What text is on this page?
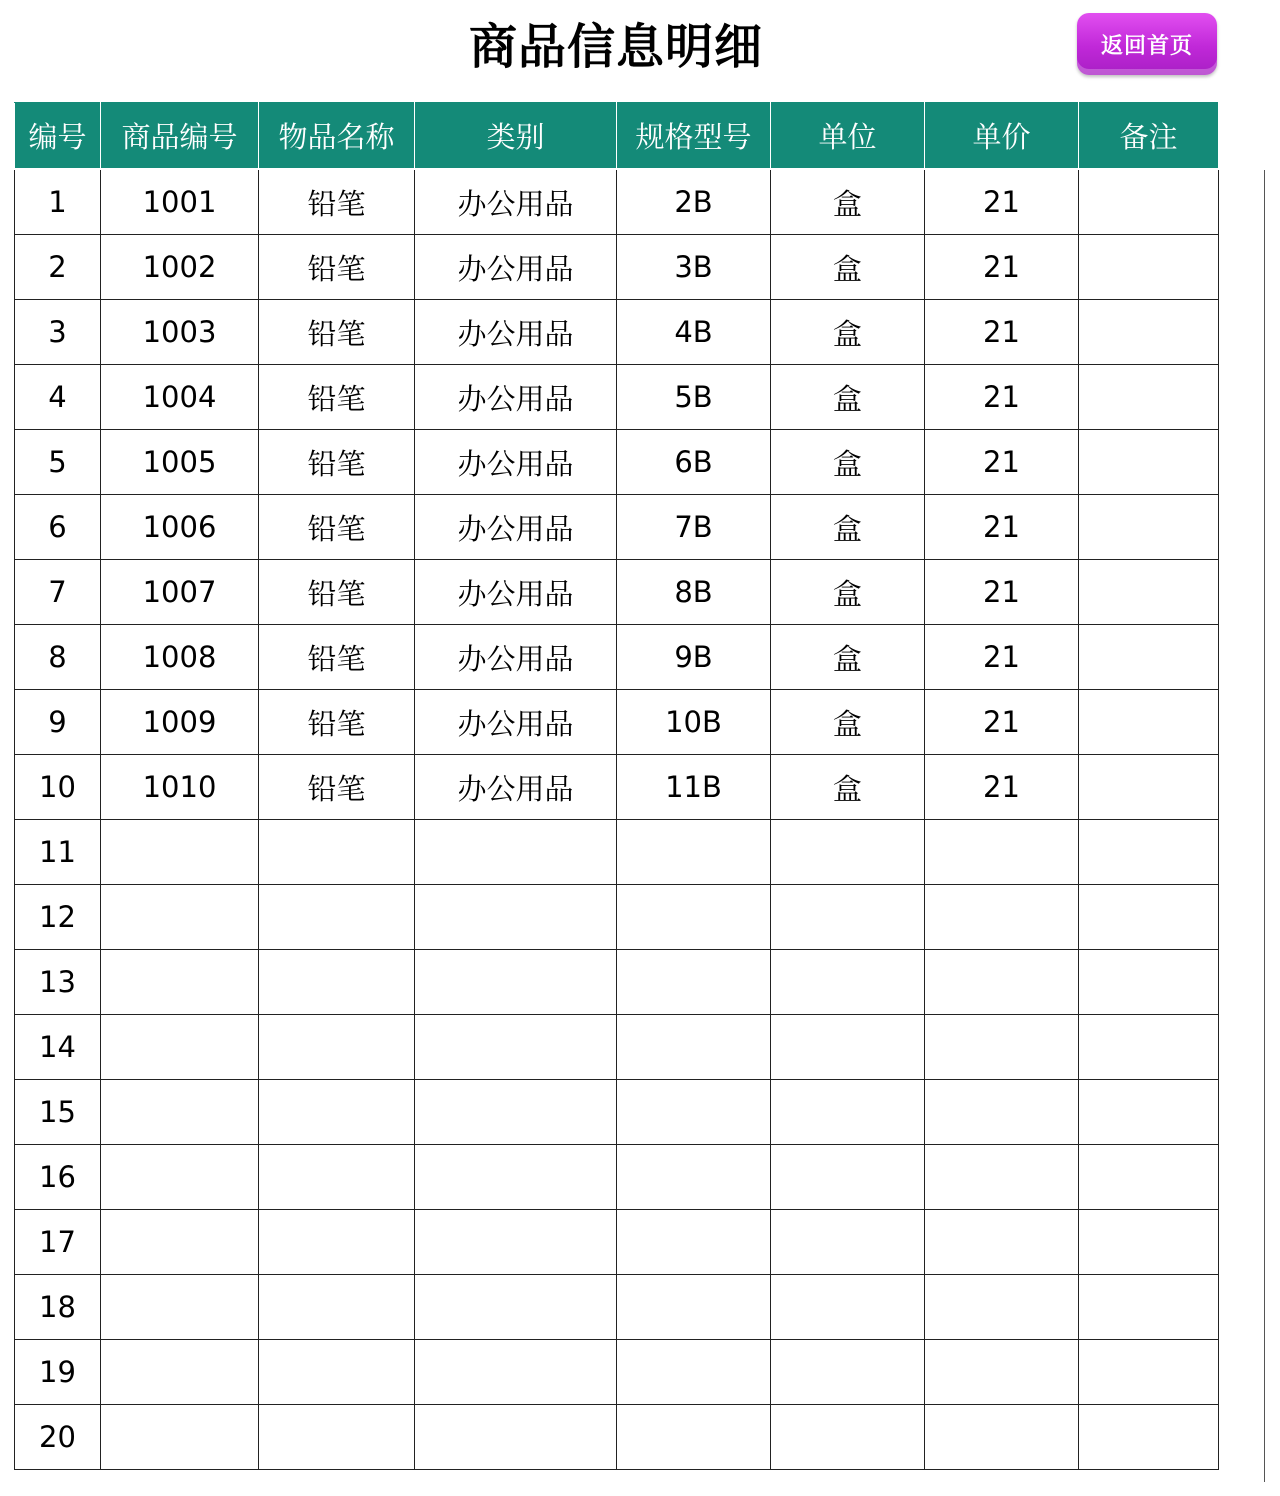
商品信息明细	返回首页
编号	商品编号	物品名称	类别	规格型号	单位	单价	备注
1	1001	铅笔	办公用品	2B	盒	21	
2	1002	铅笔	办公用品	3B	盒	21	
3	1003	铅笔	办公用品	4B	盒	21	
4	1004	铅笔	办公用品	5B	盒	21	
5	1005	铅笔	办公用品	6B	盒	21	
6	1006	铅笔	办公用品	7B	盒	21	
7	1007	铅笔	办公用品	8B	盒	21	
8	1008	铅笔	办公用品	9B	盒	21	
9	1009	铅笔	办公用品	10B	盒	21	
10	1010	铅笔	办公用品	11B	盒	21	
11							
12							
13							
14							
15							
16							
17							
18							
19							
20							
